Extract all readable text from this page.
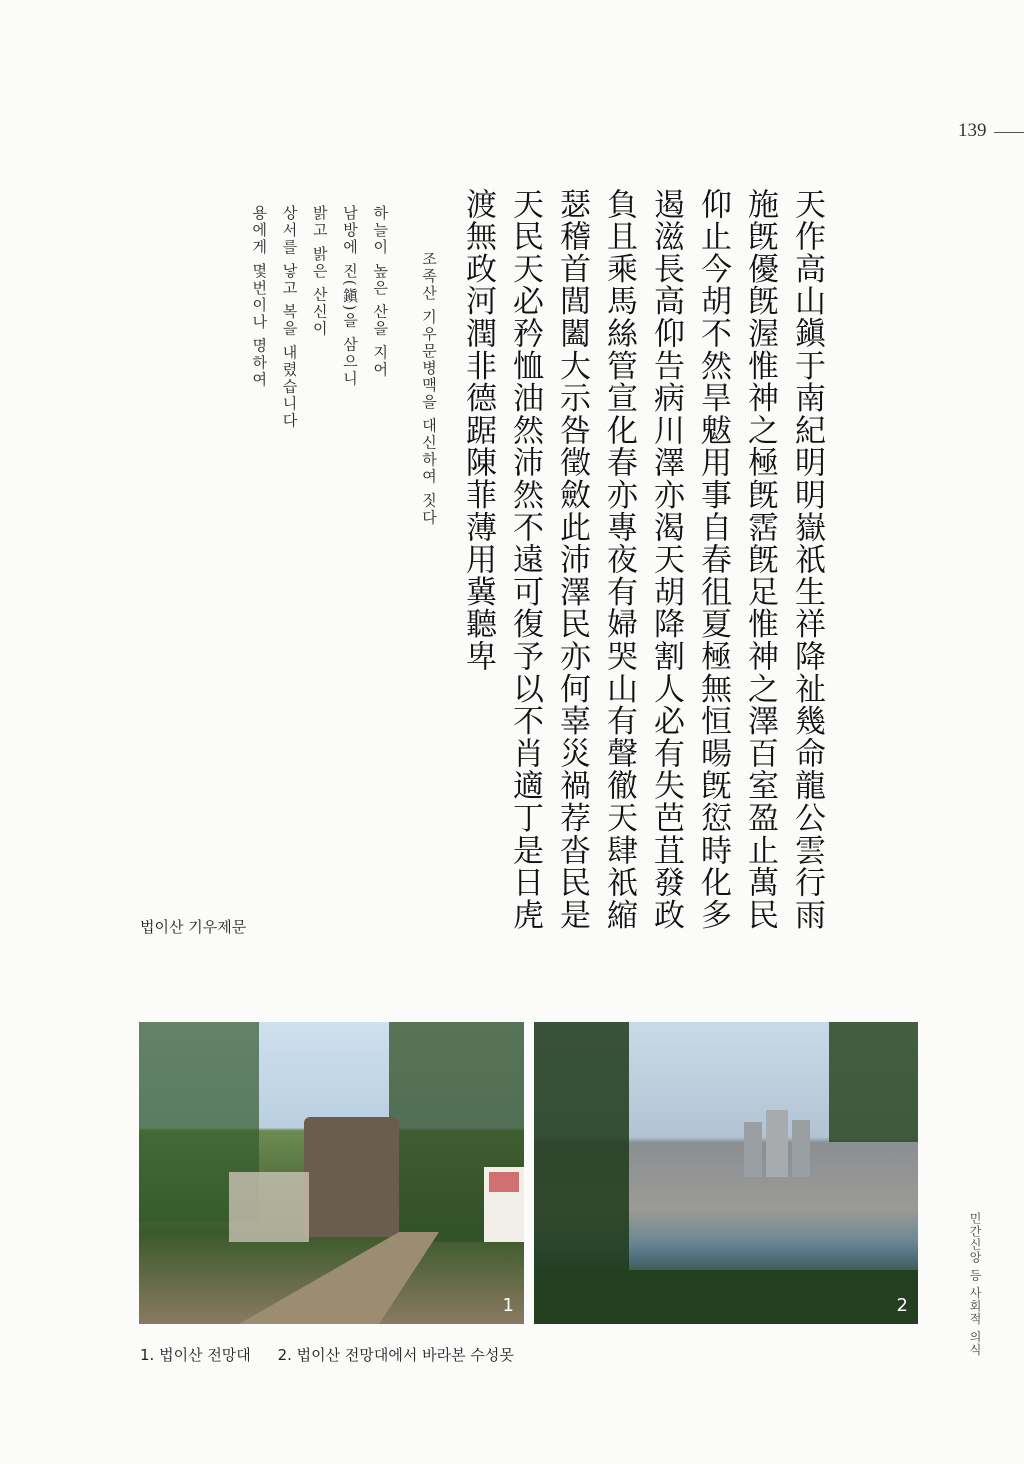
139
민간신앙 등 사회적 의식
天作高山鎭于南紀明明嶽祇生祥降祉幾命龍公雲行雨
施旣優旣渥惟神之極旣霑旣足惟神之澤百室盈止萬民
仰止今胡不然旱魃用事自春徂夏極無恒暘旣愆時化多
遏滋長高仰告病川澤亦渴天胡降割人必有失芭苴發政
負且乘馬絲管宣化春亦專夜有婦哭山有聲徹天肆祇縮
瑟稽首閭闔大示咎徵斂此沛澤民亦何辜災禍荐沓民是
天民天必矜恤油然沛然不遠可復予以不肖適丁是日虎
渡無政河潤非德踞陳菲薄用冀聽卑
조족산 기우문병맥을 대신하여 짓다
하늘이 높은 산을 지어
남방에 진(鎭)을 삼으니
밝고 밝은 산신이
상서를 낳고 복을 내렸습니다
용에게 몇번이나 명하여
법이산 기우제문
1	2
1. 법이산 전망대 2. 법이산 전망대에서 바라본 수성못
